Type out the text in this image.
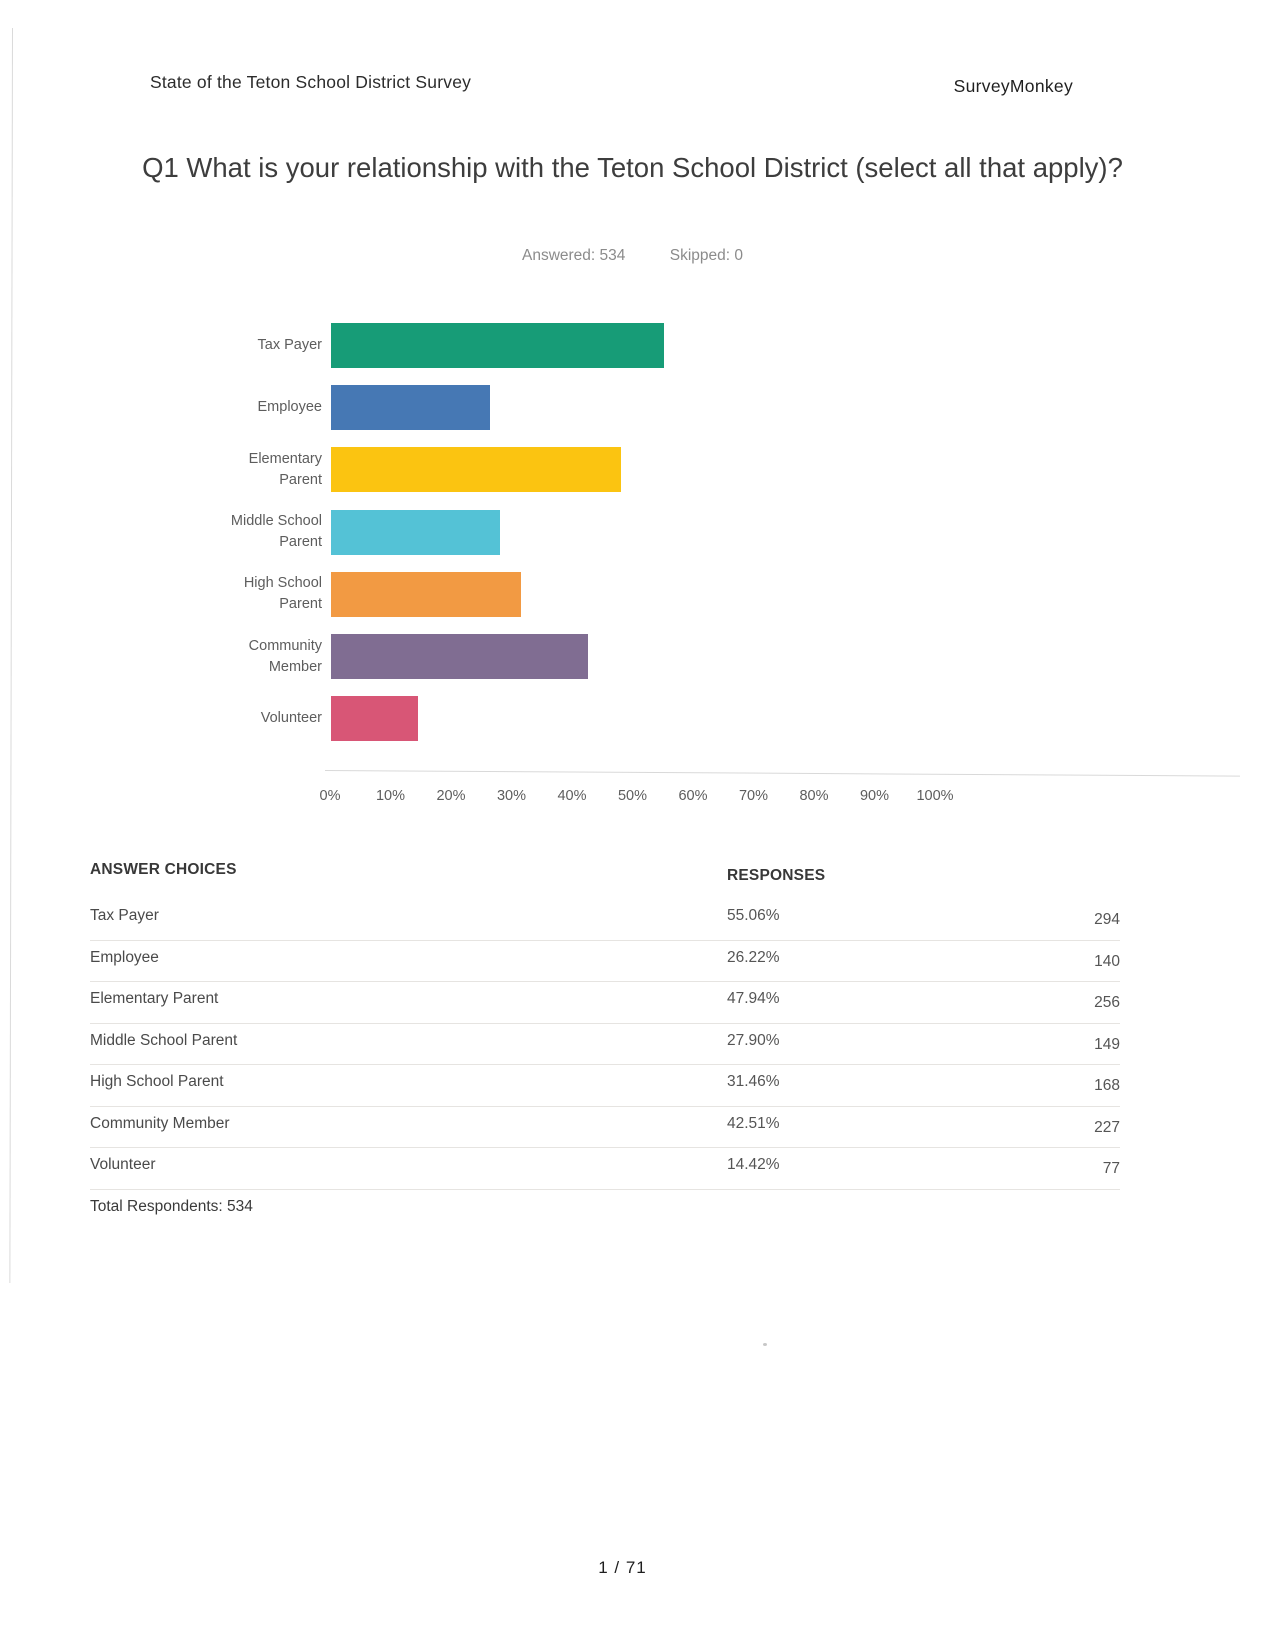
State of the Teton School District Survey	SurveyMonkey
Q1 What is your relationship with the Teton School District (select all that apply)?
Answered: 534	Skipped: 0
Tax Payer
Employee
Elementary Parent
Middle School Parent
High School Parent
Community Member
Volunteer
0% 10% 20% 30% 40% 50% 60% 70% 80% 90% 100%
ANSWER CHOICES	RESPONSES
Tax Payer	55.06%	294
Employee	26.22%	140
Elementary Parent	47.94%	256
Middle School Parent	27.90%	149
High School Parent	31.46%	168
Community Member	42.51%	227
Volunteer	14.42%	77
Total Respondents: 534
1 / 71
